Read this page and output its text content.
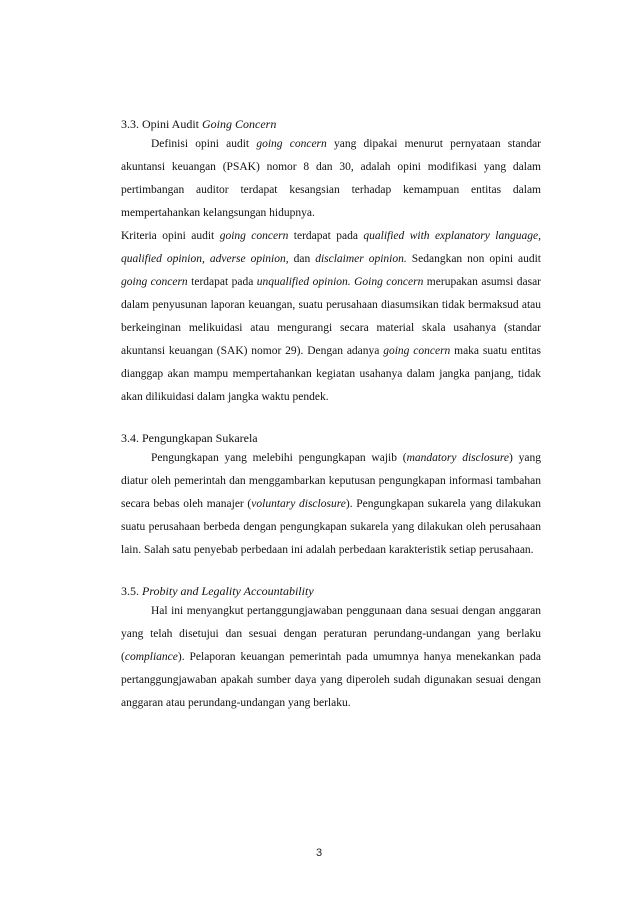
3.3. Opini Audit Going Concern

Definisi opini audit going concern yang dipakai menurut pernyataan standar akuntansi keuangan (PSAK) nomor 8 dan 30, adalah opini modifikasi yang dalam pertimbangan auditor terdapat kesangsian terhadap kemampuan entitas dalam mempertahankan kelangsungan hidupnya.

Kriteria opini audit going concern terdapat pada qualified with explanatory language, qualified opinion, adverse opinion, dan disclaimer opinion. Sedangkan non opini audit going concern terdapat pada unqualified opinion. Going concern merupakan asumsi dasar dalam penyusunan laporan keuangan, suatu perusahaan diasumsikan tidak bermaksud atau berkeinginan melikuidasi atau mengurangi secara material skala usahanya (standar akuntansi keuangan (SAK) nomor 29). Dengan adanya going concern maka suatu entitas dianggap akan mampu mempertahankan kegiatan usahanya dalam jangka panjang, tidak akan dilikuidasi dalam jangka waktu pendek.

3.4. Pengungkapan Sukarela

Pengungkapan yang melebihi pengungkapan wajib (mandatory disclosure) yang diatur oleh pemerintah dan menggambarkan keputusan pengungkapan informasi tambahan secara bebas oleh manajer (voluntary disclosure). Pengungkapan sukarela yang dilakukan suatu perusahaan berbeda dengan pengungkapan sukarela yang dilakukan oleh perusahaan lain. Salah satu penyebab perbedaan ini adalah perbedaan karakteristik setiap perusahaan.

3.5. Probity and Legality Accountability

Hal ini menyangkut pertanggungjawaban penggunaan dana sesuai dengan anggaran yang telah disetujui dan sesuai dengan peraturan perundang-undangan yang berlaku (compliance). Pelaporan keuangan pemerintah pada umumnya hanya menekankan pada pertanggungjawaban apakah sumber daya yang diperoleh sudah digunakan sesuai dengan anggaran atau perundang-undangan yang berlaku.

3
